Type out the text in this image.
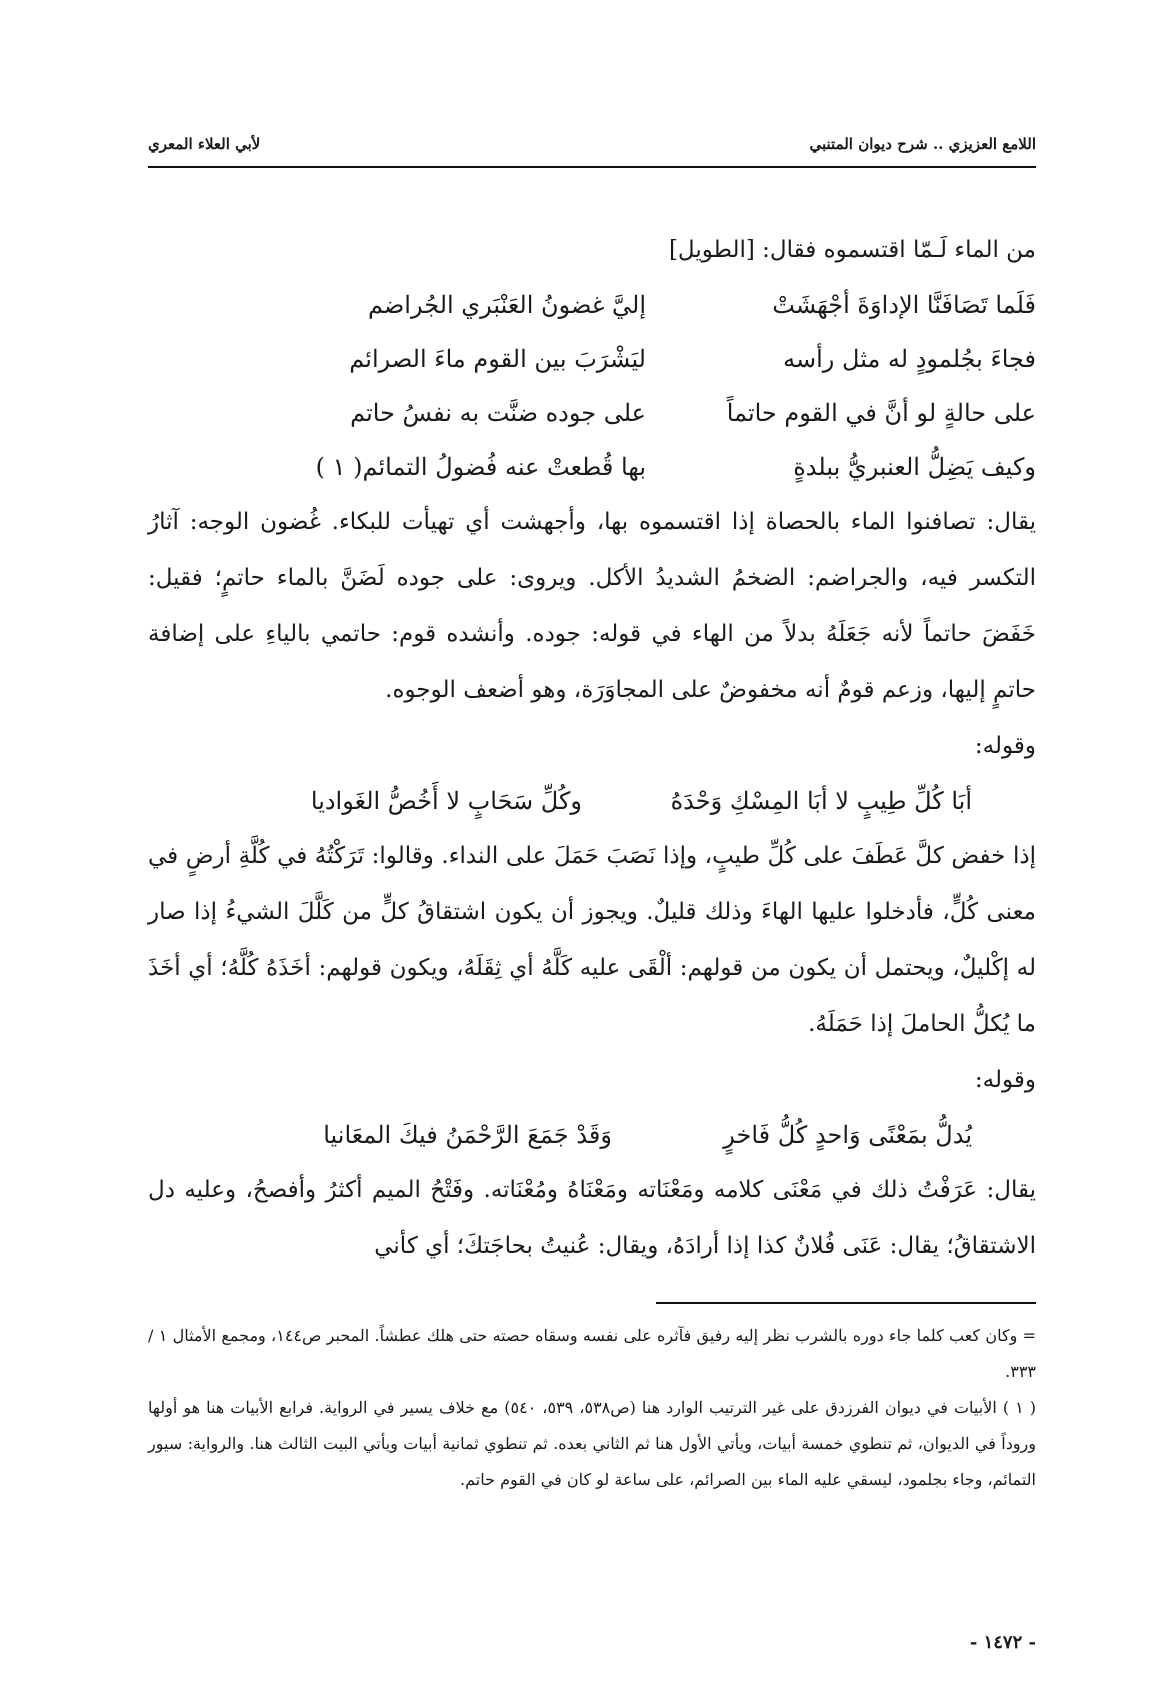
اللامع العزيزي .. شرح ديوان المتنبي
لأبي العلاء المعري

من الماء لَـمّا اقتسموه فقال: [الطويل]

فَلَما تَصَافَنَّا الإداوَةَ أجْهَشَتْ
إليَّ غضونُ العَنْبَري الجُراضم
فجاءَ بجُلمودٍ له مثل رأسه
ليَشْرَبَ بين القوم ماءَ الصرائم
على حالةٍ لو أنَّ في القوم حاتماً
على جوده ضنَّت به نفسُ حاتم
وكيف يَضِلُّ العنبريُّ ببلدةٍ
بها قُطعتْ عنه فُضولُ التمائم( ١ )

يقال: تصافنوا الماء بالحصاة إذا اقتسموه بها، وأجهشت أي تهيأت للبكاء. غُضون الوجه: آثارُ التكسر فيه، والجراضم: الضخمُ الشديدُ الأكل. ويروى: على جوده لَضَنَّ بالماء حاتمٍ؛ فقيل: خَفَضَ حاتماً لأنه جَعَلَهُ بدلاً من الهاء في قوله: جوده. وأنشده قوم: حاتمي بالياءِ على إضافة حاتمٍ إليها، وزعم قومٌ أنه مخفوضٌ على المجاوَرَة، وهو أضعف الوجوه.

وقوله:

أبَا كُلِّ طِيبٍ لا أبَا المِسْكِ وَحْدَهُ
وكُلِّ سَحَابٍ لا أَخُصُّ الغَواديا

إذا خفض كلَّ عَطَفَ على كُلِّ طيبٍ، وإذا نَصَبَ حَمَلَ على النداء. وقالوا: تَرَكْتُهُ في كُلَّةِ أرضٍ في معنى كُلٍّ، فأدخلوا عليها الهاءَ وذلك قليلٌ. ويجوز أن يكون اشتقاقُ كلٍّ من كَلَّلَ الشيءُ إذا صار له إكْليلٌ، ويحتمل أن يكون من قولهم: ألْقَى عليه كَلَّهُ أي ثِقَلَهُ، ويكون قولهم: أخَذَهُ كُلَّهُ؛ أي أخَذَ ما يُكلُّ الحاملَ إذا حَمَلَهُ.

وقوله:

يُدلُّ بمَعْنًى وَاحدٍ كُلُّ فَاخرٍ
وَقَدْ جَمَعَ الرَّحْمَنُ فيكَ المعَانيا

يقال: عَرَفْتُ ذلك في مَعْنَى كلامه ومَعْنَاته ومَعْنَاهُ ومُعْنَاته. وفَتْحُ الميم أكثرُ وأفصحُ، وعليه دل الاشتقاقُ؛ يقال: عَنَى فُلانٌ كذا إذا أرادَهُ، ويقال: عُنيتُ بحاجَتكَ؛ أي كأني

= وكان كعب كلما جاء دوره بالشرب نظر إليه رفيق فآثره على نفسه وسقاه حصته حتى هلك عطشاً. المحبر ص١٤٤، ومجمع الأمثال ١ / ٣٣٣.

( ١ ) الأبيات في ديوان الفرزدق على غير الترتيب الوارد هنا (ص٥٣٨، ٥٣٩، ٥٤٠) مع خلاف يسير في الرواية. فرابع الأبيات هنا هو أولها وروداً في الديوان، ثم تنطوي خمسة أبيات، ويأتي الأول هنا ثم الثاني بعده. ثم تنطوي ثمانية أبيات ويأتي البيت الثالث هنا. والرواية: سيور التمائم، وجاء بجلمود، ليسقي عليه الماء بين الصرائم، على ساعة لو كان في القوم حاتم.

- ١٤٧٢ -
